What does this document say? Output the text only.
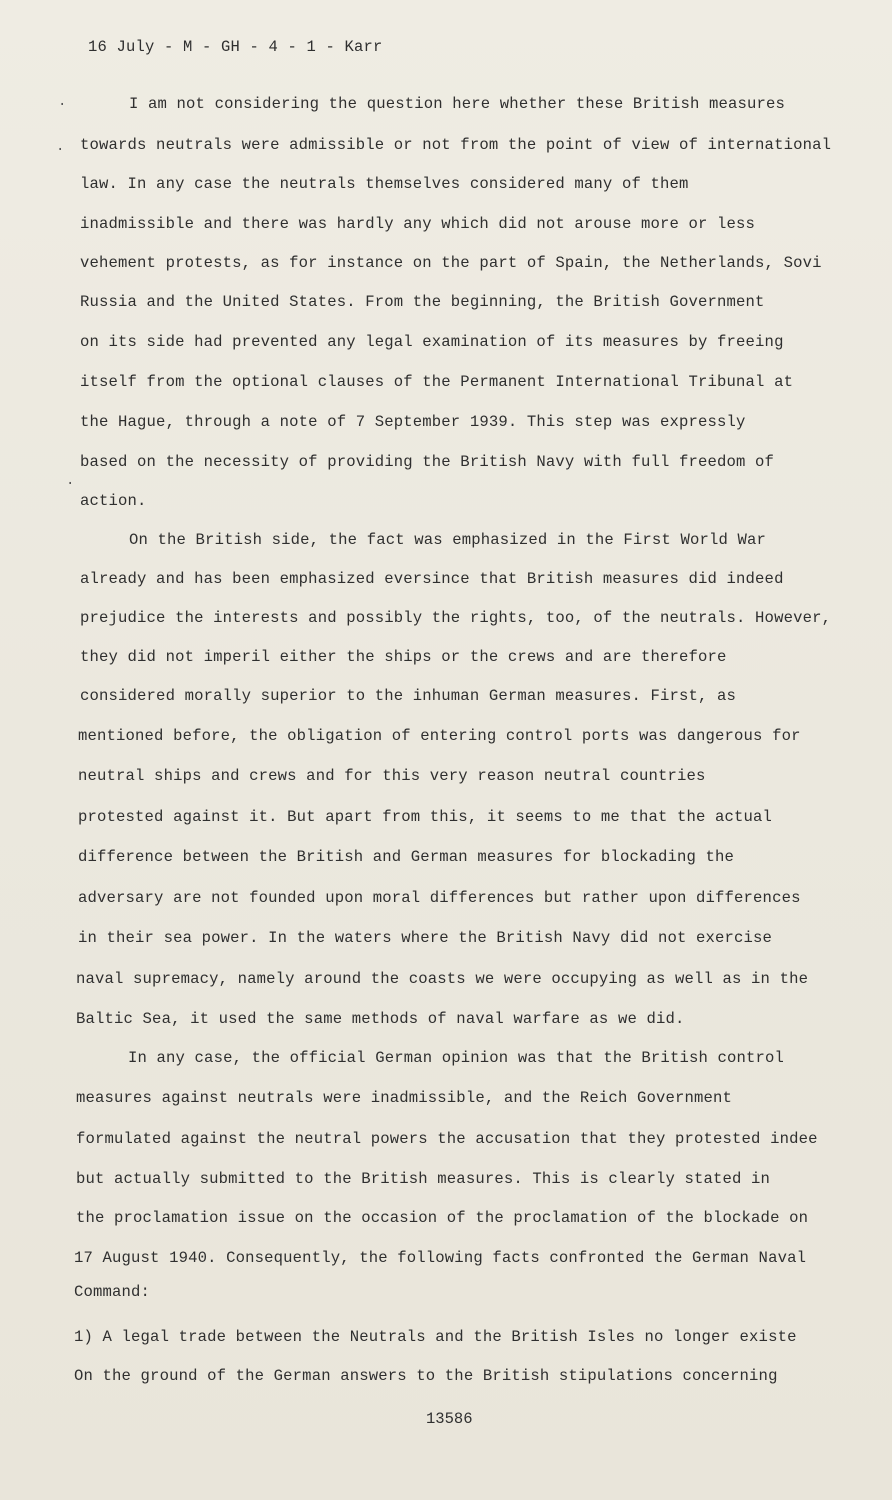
16 July - M - GH - 4 - 1 - Karr
·
·
·
I am not considering the question here whether these British measures
towards neutrals were admissible or not from the point of view of international
law. In any case the neutrals themselves considered many of them
inadmissible and there was hardly any which did not arouse more or less
vehement protests, as for instance on the part of Spain, the Netherlands, Sovi
Russia and the United States. From the beginning, the British Government
on its side had prevented any legal examination of its measures by freeing
itself from the optional clauses of the Permanent International Tribunal at
the Hague, through a note of 7 September 1939. This step was expressly
based on the necessity of providing the British Navy with full freedom of
action.
On the British side, the fact was emphasized in the First World War
already and has been emphasized eversince that British measures did indeed
prejudice the interests and possibly the rights, too, of the neutrals. However,
they did not imperil either the ships or the crews and are therefore
considered morally superior to the inhuman German measures. First, as
mentioned before, the obligation of entering control ports was dangerous for
neutral ships and crews and for this very reason neutral countries
protested against it. But apart from this, it seems to me that the actual
difference between the British and German measures for blockading the
adversary are not founded upon moral differences but rather upon differences
in their sea power. In the waters where the British Navy did not exercise
naval supremacy, namely around the coasts we were occupying as well as in the
Baltic Sea, it used the same methods of naval warfare as we did.
In any case, the official German opinion was that the British control
measures against neutrals were inadmissible, and the Reich Government
formulated against the neutral powers the accusation that they protested indee
but actually submitted to the British measures. This is clearly stated in
the proclamation issue on the occasion of the proclamation of the blockade on
17 August 1940. Consequently, the following facts confronted the German Naval
Command:
1) A legal trade between the Neutrals and the British Isles no longer existe
On the ground of the German answers to the British stipulations concerning
13586
